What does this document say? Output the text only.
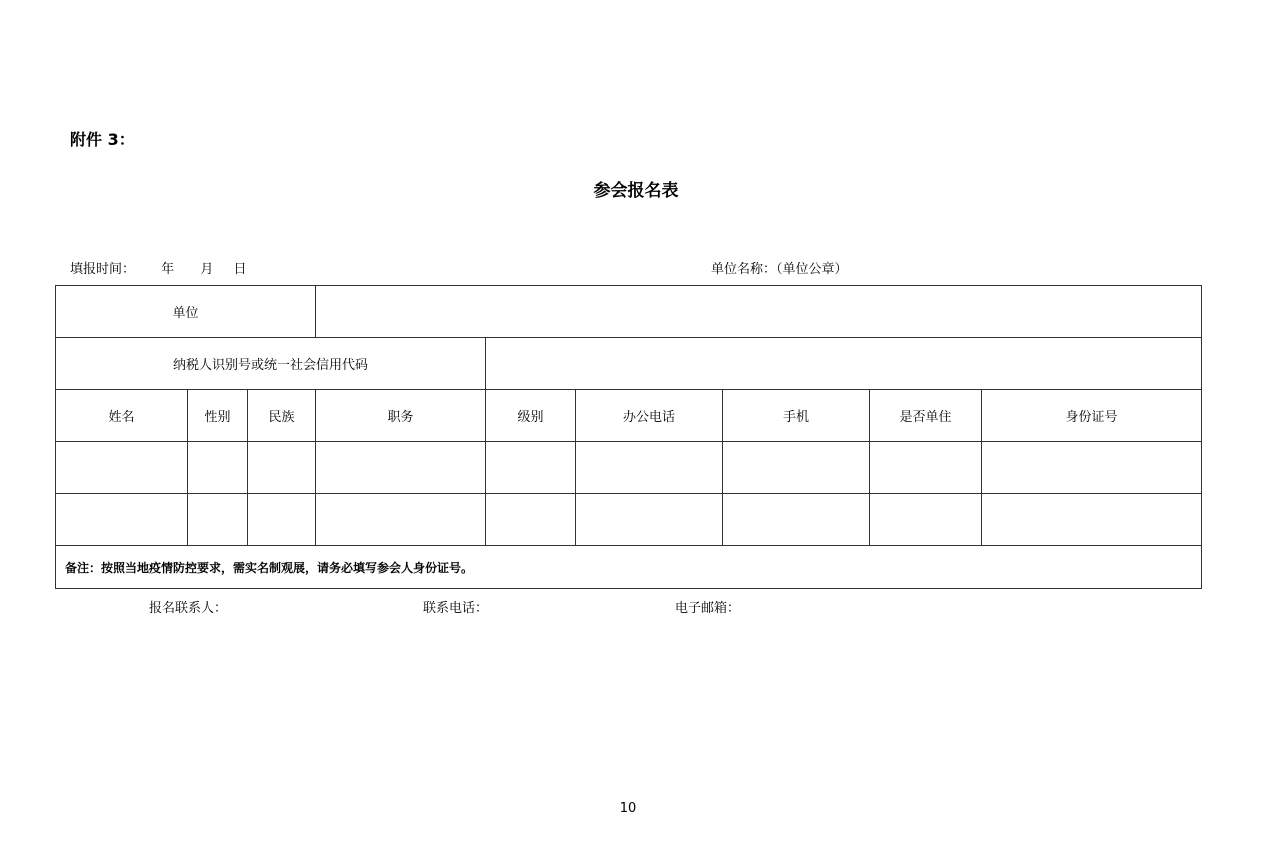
附件 3：
参会报名表
填报时间： 年 月 日	单位名称：（单位公章）
单位								
纳税人识别号或统一社会信用代码								
姓名	性别	民族	职务	级别	办公电话	手机	是否单住	身份证号

备注：按照当地疫情防控要求，需实名制观展，请务必填写参会人身份证号。								
报名联系人：	联系电话：	电子邮箱：
10
